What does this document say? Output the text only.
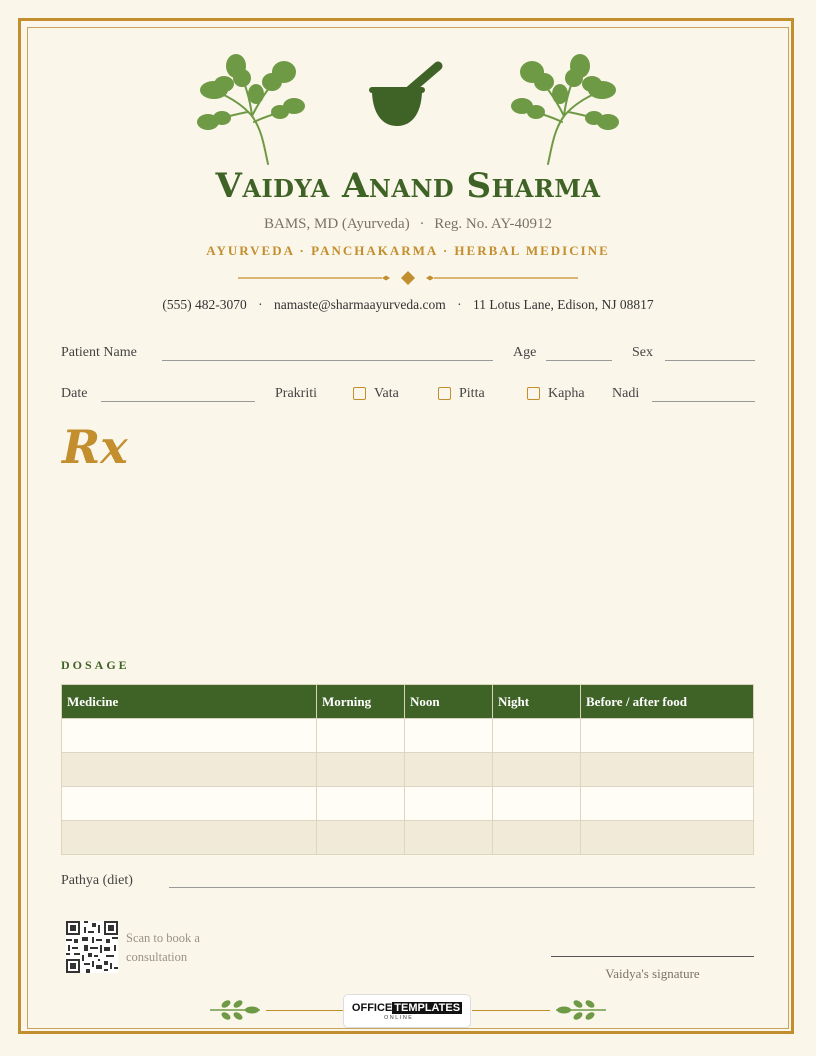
Vaidya Anand Sharma
BAMS, MD (Ayurveda) · Reg. No. AY-40912
AYURVEDA · PANCHAKARMA · HERBAL MEDICINE
(555) 482-3070 · namaste@sharmaayurveda.com · 11 Lotus Lane, Edison, NJ 08817
Patient Name	Age	Sex
Date	Prakriti	Vata	Pitta	Kapha Nadi
Rx
DOSAGE
Medicine	Morning	Noon	Night	Before / after food

Pathya (diet)
Scan to book a consultation
Vaidya's signature
OFFICE TEMPLATES
ONLINE
